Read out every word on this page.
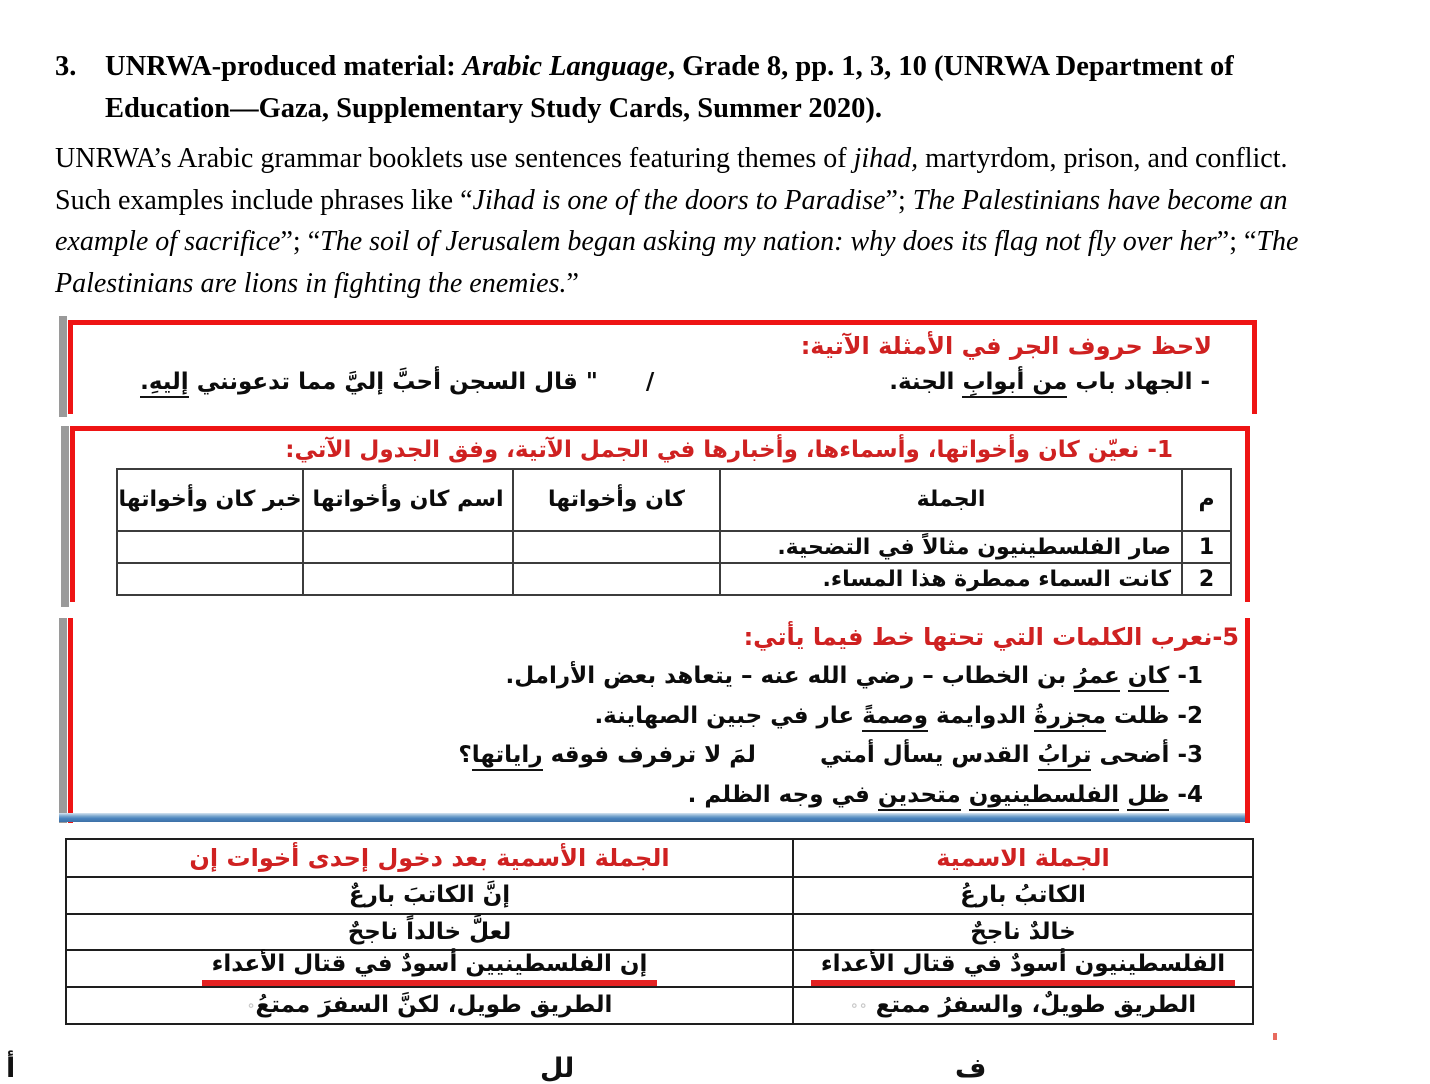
3.	UNRWA-produced material: Arabic Language, Grade 8, pp. 1, 3, 10 (UNRWA Department of Education—Gaza, Supplementary Study Cards, Summer 2020).
UNRWA’s Arabic grammar booklets use sentences featuring themes of jihad, martyrdom, prison, and conflict. Such examples include phrases like “Jihad is one of the doors to Paradise”; The Palestinians have become an example of sacrifice”; “The soil of Jerusalem began asking my nation: why does its flag not fly over her”; “The Palestinians are lions in fighting the enemies.”
لاحظ حروف الجر في الأمثلة الآتية:
- الجهاد باب من أبوابِ الجنة.
/
" قال السجن أحبَّ إليَّ مما تدعونني إليهِ.
1- نعيّن كان وأخواتها، وأسماءها، وأخبارها في الجمل الآتية، وفق الجدول الآتي:
م	الجملة	كان وأخواتها	اسم كان وأخواتها	خبر كان وأخواتها
1	صار الفلسطينيون مثالاً في التضحية.			
2	كانت السماء ممطرة هذا المساء.			
5-نعرب الكلمات التي تحتها خط فيما يأتي:
1- كان عمرُ بن الخطاب – رضي الله عنه – يتعاهد بعض الأرامل.
2- ظلت مجزرةُ الدوايمة وصمةً عار في جبين الصهاينة.
3- أضحى ترابُ القدس يسأل أمتي        لمَ لا ترفرف فوقه راياتها؟
4- ظل الفلسطينيون متحدين في وجه الظلم .
الجملة الاسمية	الجملة الأسمية بعد دخول إحدى أخوات إن
الكاتبُ بارعُ	إنَّ الكاتبَ بارعٌ
خالدٌ ناجحٌ	لعلَّ خالداً ناجحٌ
الفلسطينيون أسودٌ في قتال الأعداء	إن الفلسطينيين أسودٌ في قتال الأعداء
الطريق طويلٌ، والسفرُ ممتع ∘∘	الطريق طويل، لكنَّ السفرَ ممتعُ∘
أ	لل	ف
